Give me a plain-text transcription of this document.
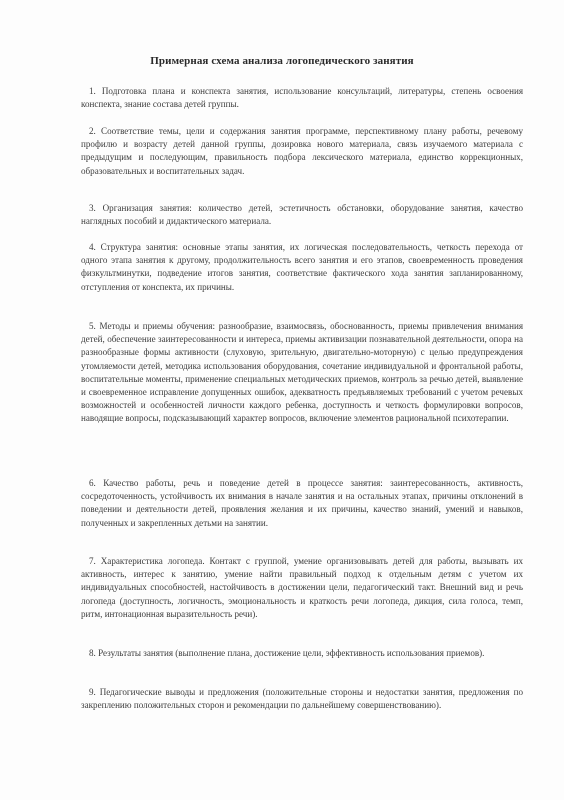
Примерная схема анализа логопедического занятия
1. Подготовка плана и конспекта занятия, использование консультаций, литературы, степень освоения конспекта, знание состава детей группы.
2. Соответствие темы, цели и содержания занятия программе, перспективному плану работы, речевому профилю и возрасту детей данной группы, дозировка нового материала, связь изучаемого материала с предыдущим и последующим, правильность подбора лексического материала, единство коррекционных, образовательных и воспитательных задач.
3. Организация занятия: количество детей, эстетичность обстановки, оборудование занятия, качество наглядных пособий и дидактического материала.
4. Структура занятия: основные этапы занятия, их логическая последовательность, четкость перехода от одного этапа занятия к другому, продолжительность всего занятия и его этапов, своевременность проведения физкультминутки, подведение итогов занятия, соответствие фактического хода занятия запланированному, отступления от конспекта, их причины.
5. Методы и приемы обучения: разнообразие, взаимосвязь, обоснованность, приемы привлечения внимания детей, обеспечение заинтересованности и интереса, приемы активизации познавательной деятельности, опора на разнообразные формы активности (слуховую, зрительную, двигательно-моторную) с целью предупреждения утомляемости детей, методика использования оборудования, сочетание индивидуальной и фронтальной работы, воспитательные моменты, применение специальных методических приемов, контроль за речью детей, выявление и своевременное исправление допущенных ошибок, адекватность предъявляемых требований с учетом речевых возможностей и особенностей личности каждого ребенка, доступность и четкость формулировки вопросов, наводящие вопросы, подсказывающий характер вопросов, включение элементов рациональной психотерапии.
6. Качество работы, речь и поведение детей в процессе занятия: заинтересованность, активность, сосредоточенность, устойчивость их внимания в начале занятия и на остальных этапах, причины отклонений в поведении и деятельности детей, проявления желания и их причины, качество знаний, умений и навыков, полученных и закрепленных детьми на занятии.
7. Характеристика логопеда. Контакт с группой, умение организовывать детей для работы, вызывать их активность, интерес к занятию, умение найти правильный подход к отдельным детям с учетом их индивидуальных способностей, настойчивость в достижении цели, педагогический такт. Внешний вид и речь логопеда (доступность, логичность, эмоциональность и краткость речи логопеда, дикция, сила голоса, темп, ритм, интонационная выразительность речи).
8. Результаты занятия (выполнение плана, достижение цели, эффективность использования приемов).
9. Педагогические выводы и предложения (положительные стороны и недостатки занятия, предложения по закреплению положительных сторон и рекомендации по дальнейшему совершенствованию).
